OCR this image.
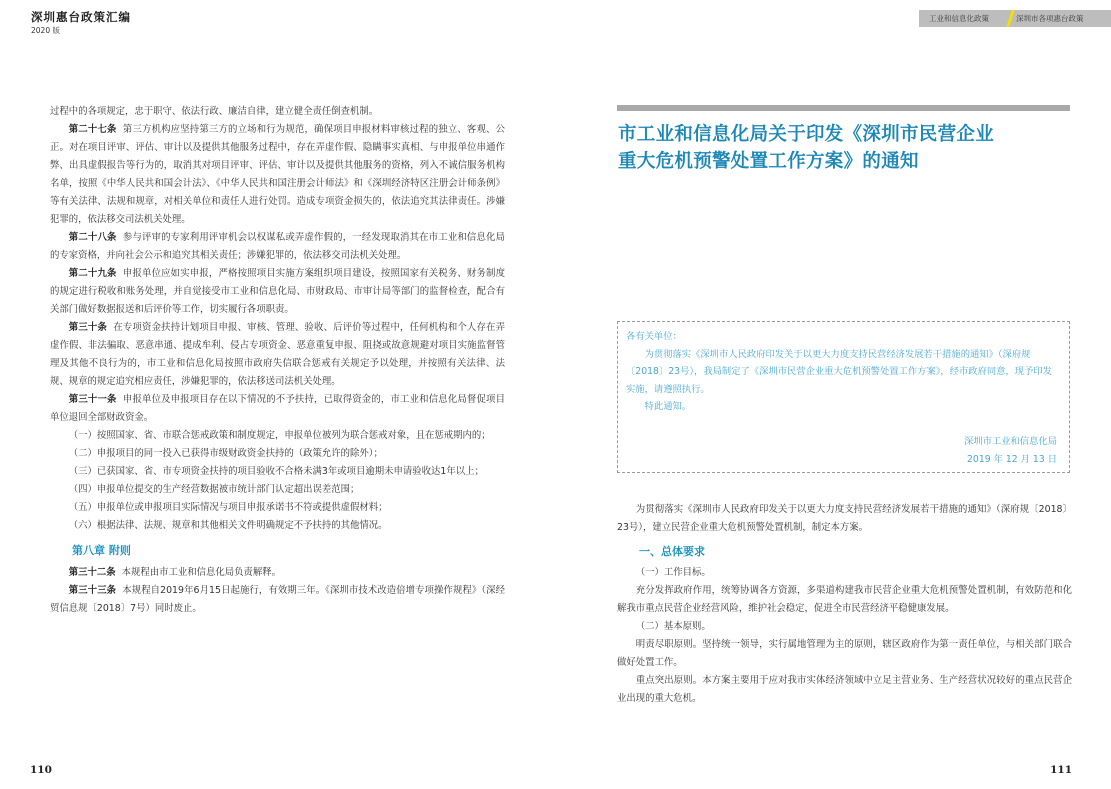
深圳惠台政策汇编
2020 版
工业和信息化政策	深圳市各项惠台政策

过程中的各项规定，忠于职守、依法行政、廉洁自律，建立健全责任倒查机制。

第二十七条 第三方机构应坚持第三方的立场和行为规范，确保项目申报材料审核过程的独立、客观、公正。对在项目评审、评估、审计以及提供其他服务过程中，存在弄虚作假、隐瞒事实真相、与申报单位串通作弊、出具虚假报告等行为的，取消其对项目评审、评估、审计以及提供其他服务的资格，列入不诚信服务机构名单，按照《中华人民共和国会计法》、《中华人民共和国注册会计师法》和《深圳经济特区注册会计师条例》等有关法律、法规和规章，对相关单位和责任人进行处罚。造成专项资金损失的，依法追究其法律责任。涉嫌犯罪的，依法移交司法机关处理。

第二十八条 参与评审的专家利用评审机会以权谋私或弄虚作假的，一经发现取消其在市工业和信息化局的专家资格，并向社会公示和追究其相关责任；涉嫌犯罪的，依法移交司法机关处理。

第二十九条 申报单位应如实申报，严格按照项目实施方案组织项目建设，按照国家有关税务、财务制度的规定进行税收和账务处理，并自觉接受市工业和信息化局、市财政局、市审计局等部门的监督检查，配合有关部门做好数据报送和后评价等工作，切实履行各项职责。

第三十条 在专项资金扶持计划项目申报、审核、管理、验收、后评价等过程中，任何机构和个人存在弄虚作假、非法骗取、恶意串通、提成牟利、侵占专项资金、恶意重复申报、阻挠或故意规避对项目实施监督管理及其他不良行为的，市工业和信息化局按照市政府失信联合惩戒有关规定予以处理，并按照有关法律、法规、规章的规定追究相应责任，涉嫌犯罪的，依法移送司法机关处理。

第三十一条 申报单位及申报项目存在以下情况的不予扶持，已取得资金的，市工业和信息化局督促项目单位退回全部财政资金。

（一）按照国家、省、市联合惩戒政策和制度规定，申报单位被列为联合惩戒对象，且在惩戒期内的；

（二）申报项目的同一投入已获得市级财政资金扶持的（政策允许的除外）；

（三）已获国家、省、市专项资金扶持的项目验收不合格未满3年或项目逾期未申请验收达1年以上；

（四）申报单位提交的生产经营数据被市统计部门认定超出误差范围；

（五）申报单位或申报项目实际情况与项目申报承诺书不符或提供虚假材料；

（六）根据法律、法规、规章和其他相关文件明确规定不予扶持的其他情况。

第八章 附则

第三十二条 本规程由市工业和信息化局负责解释。

第三十三条 本规程自2019年6月15日起施行，有效期三年。《深圳市技术改造倍增专项操作规程》（深经贸信息规〔2018〕7号）同时废止。

市工业和信息化局关于印发《深圳市民营企业
重大危机预警处置工作方案》的通知

各有关单位：

为贯彻落实《深圳市人民政府印发关于以更大力度支持民营经济发展若干措施的通知》（深府规〔2018〕23号），我局制定了《深圳市民营企业重大危机预警处置工作方案》，经市政府同意，现予印发实施，请遵照执行。

特此通知。

深圳市工业和信息化局
2019 年 12 月 13 日

为贯彻落实《深圳市人民政府印发关于以更大力度支持民营经济发展若干措施的通知》（深府规〔2018〕23号），建立民营企业重大危机预警处置机制，制定本方案。

一、总体要求

（一）工作目标。

充分发挥政府作用，统筹协调各方资源，多渠道构建我市民营企业重大危机预警处置机制，有效防范和化解我市重点民营企业经营风险，维护社会稳定，促进全市民营经济平稳健康发展。

（二）基本原则。

明责尽职原则。坚持统一领导，实行属地管理为主的原则，辖区政府作为第一责任单位，与相关部门联合做好处置工作。

重点突出原则。本方案主要用于应对我市实体经济领域中立足主营业务、生产经营状况较好的重点民营企业出现的重大危机。

110	111
